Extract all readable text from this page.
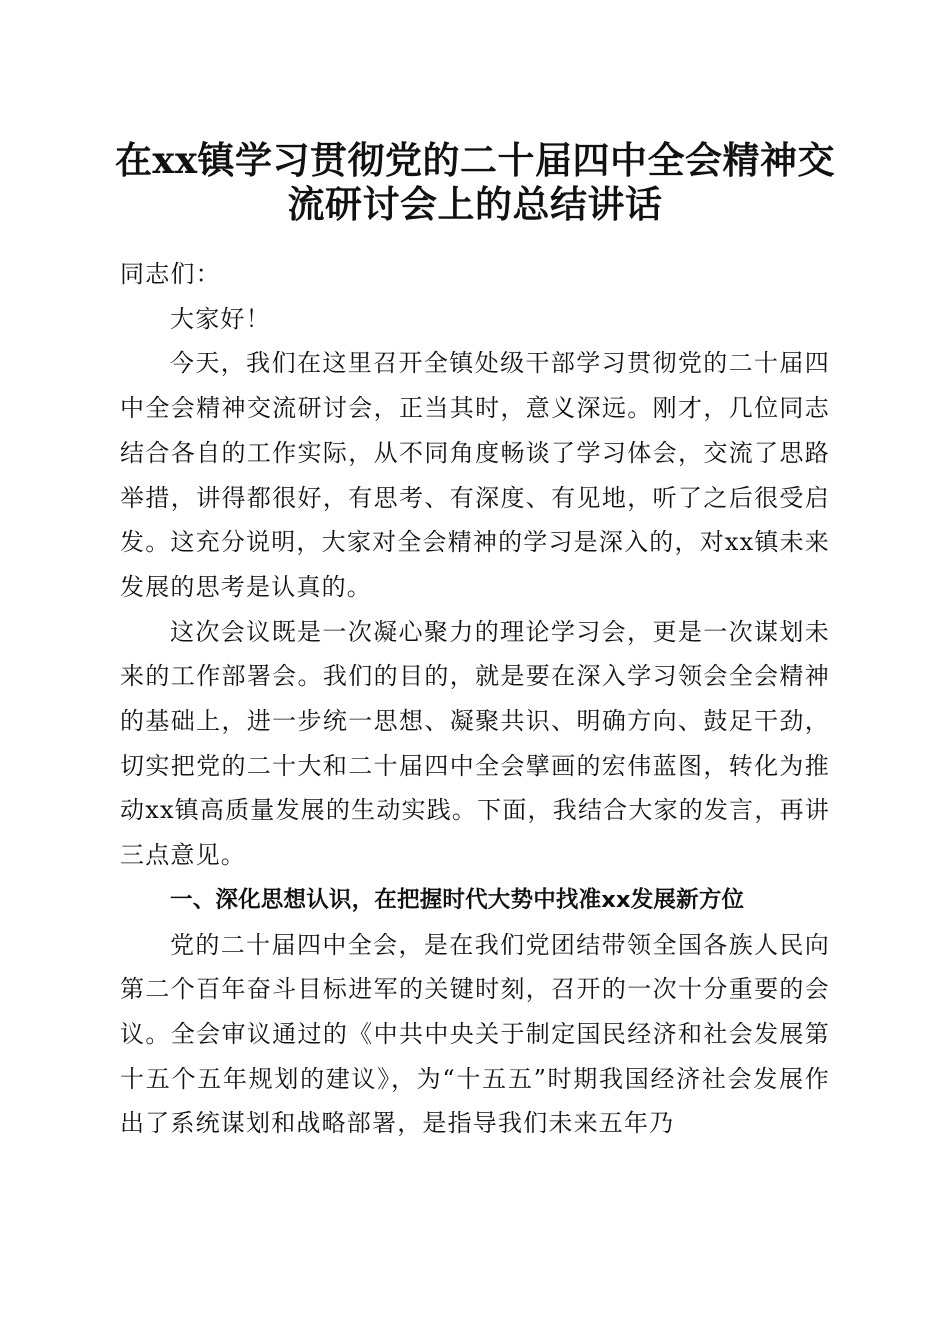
在xx镇学习贯彻党的二十届四中全会精神交
流研讨会上的总结讲话

同志们：

大家好！

今天，我们在这里召开全镇处级干部学习贯彻党的二十届四中全会精神交流研讨会，正当其时，意义深远。刚才，几位同志结合各自的工作实际，从不同角度畅谈了学习体会，交流了思路举措，讲得都很好，有思考、有深度、有见地，听了之后很受启发。这充分说明，大家对全会精神的学习是深入的，对xx镇未来发展的思考是认真的。

这次会议既是一次凝心聚力的理论学习会，更是一次谋划未来的工作部署会。我们的目的，就是要在深入学习领会全会精神的基础上，进一步统一思想、凝聚共识、明确方向、鼓足干劲，切实把党的二十大和二十届四中全会擘画的宏伟蓝图，转化为推动xx镇高质量发展的生动实践。下面，我结合大家的发言，再讲三点意见。

一、深化思想认识，在把握时代大势中找准xx发展新方位

党的二十届四中全会，是在我们党团结带领全国各族人民向第二个百年奋斗目标进军的关键时刻，召开的一次十分重要的会议。全会审议通过的《中共中央关于制定国民经济和社会发展第十五个五年规划的建议》，为“十五五”时期我国经济社会发展作出了系统谋划和战略部署，是指导我们未来五年乃
